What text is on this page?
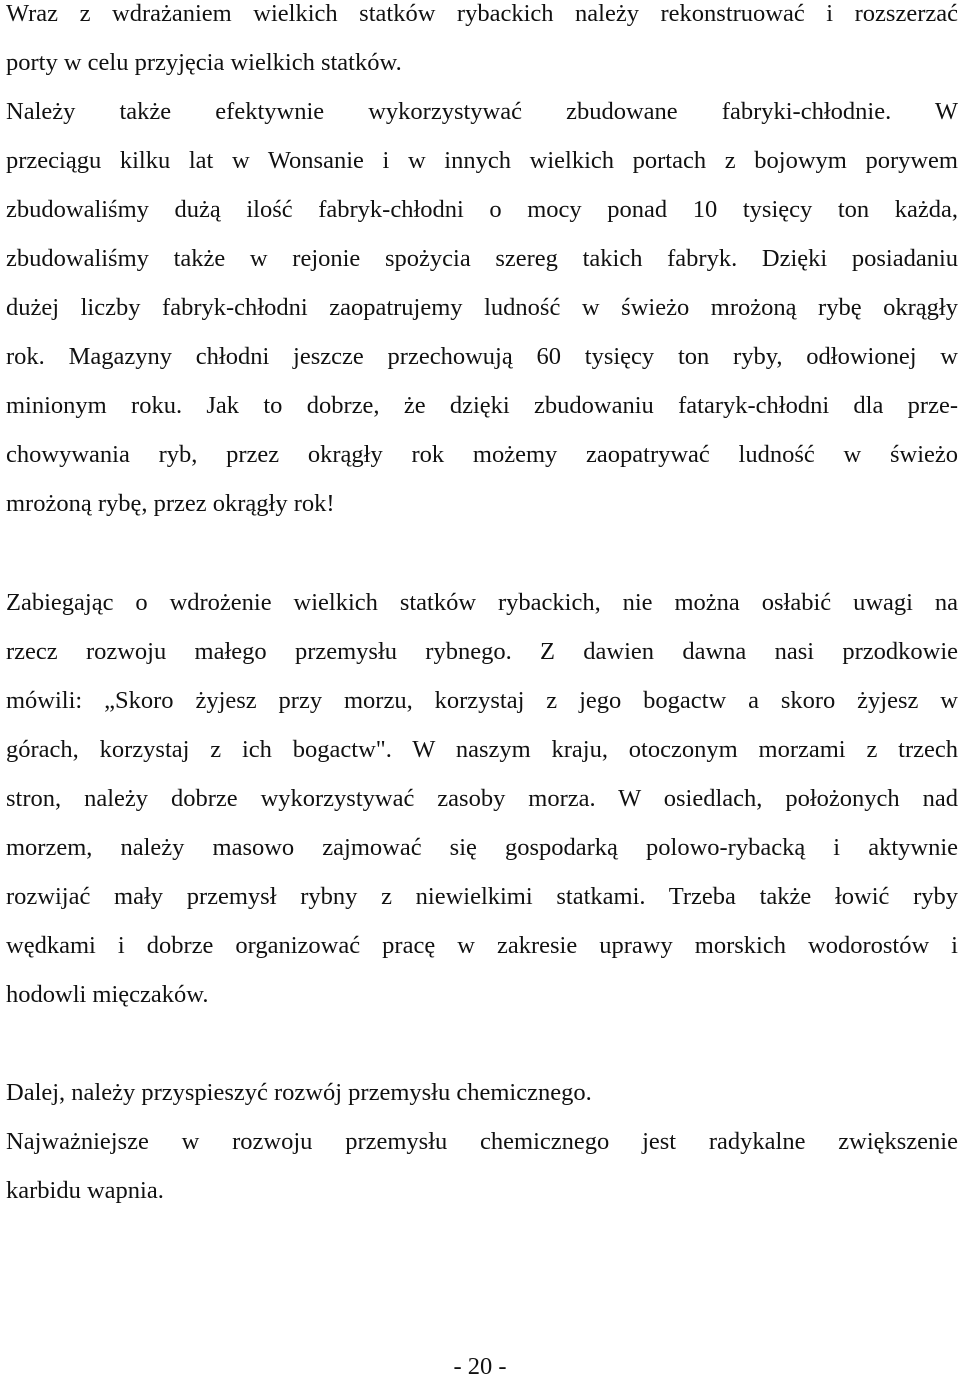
Wraz z wdrażaniem wielkich statków rybackich należy rekonstruować i rozszerzać
porty w celu przyjęcia wielkich statków.
Należy także efektywnie wykorzystywać zbudowane fabryki-chłodnie. W
przeciągu kilku lat w Wonsanie i w innych wielkich portach z bojowym porywem
zbudowaliśmy dużą ilość fabryk-chłodni o mocy ponad 10 tysięcy ton każda,
zbudowaliśmy także w rejonie spożycia szereg takich fabryk. Dzięki posiadaniu
dużej liczby fabryk-chłodni zaopatrujemy ludność w świeżo mrożoną rybę okrągły
rok. Magazyny chłodni jeszcze przechowują 60 tysięcy ton ryby, odłowionej w
minionym roku. Jak to dobrze, że dzięki zbudowaniu fataryk-chłodni dla prze-
chowywania ryb, przez okrągły rok możemy zaopatrywać ludność w świeżo
mrożoną rybę, przez okrągły rok!
Zabiegając o wdrożenie wielkich statków rybackich, nie można osłabić uwagi na
rzecz rozwoju małego przemysłu rybnego. Z dawien dawna nasi przodkowie
mówili: „Skoro żyjesz przy morzu, korzystaj z jego bogactw a skoro żyjesz w
górach, korzystaj z ich bogactw". W naszym kraju, otoczonym morzami z trzech
stron, należy dobrze wykorzystywać zasoby morza. W osiedlach, położonych nad
morzem, należy masowo zajmować się gospodarką polowo-rybacką i aktywnie
rozwijać mały przemysł rybny z niewielkimi statkami. Trzeba także łowić ryby
wędkami i dobrze organizować pracę w zakresie uprawy morskich wodorostów i
hodowli mięczaków.
Dalej, należy przyspieszyć rozwój przemysłu chemicznego.
Najważniejsze w rozwoju przemysłu chemicznego jest radykalne zwiększenie
karbidu wapnia.
- 20 -
